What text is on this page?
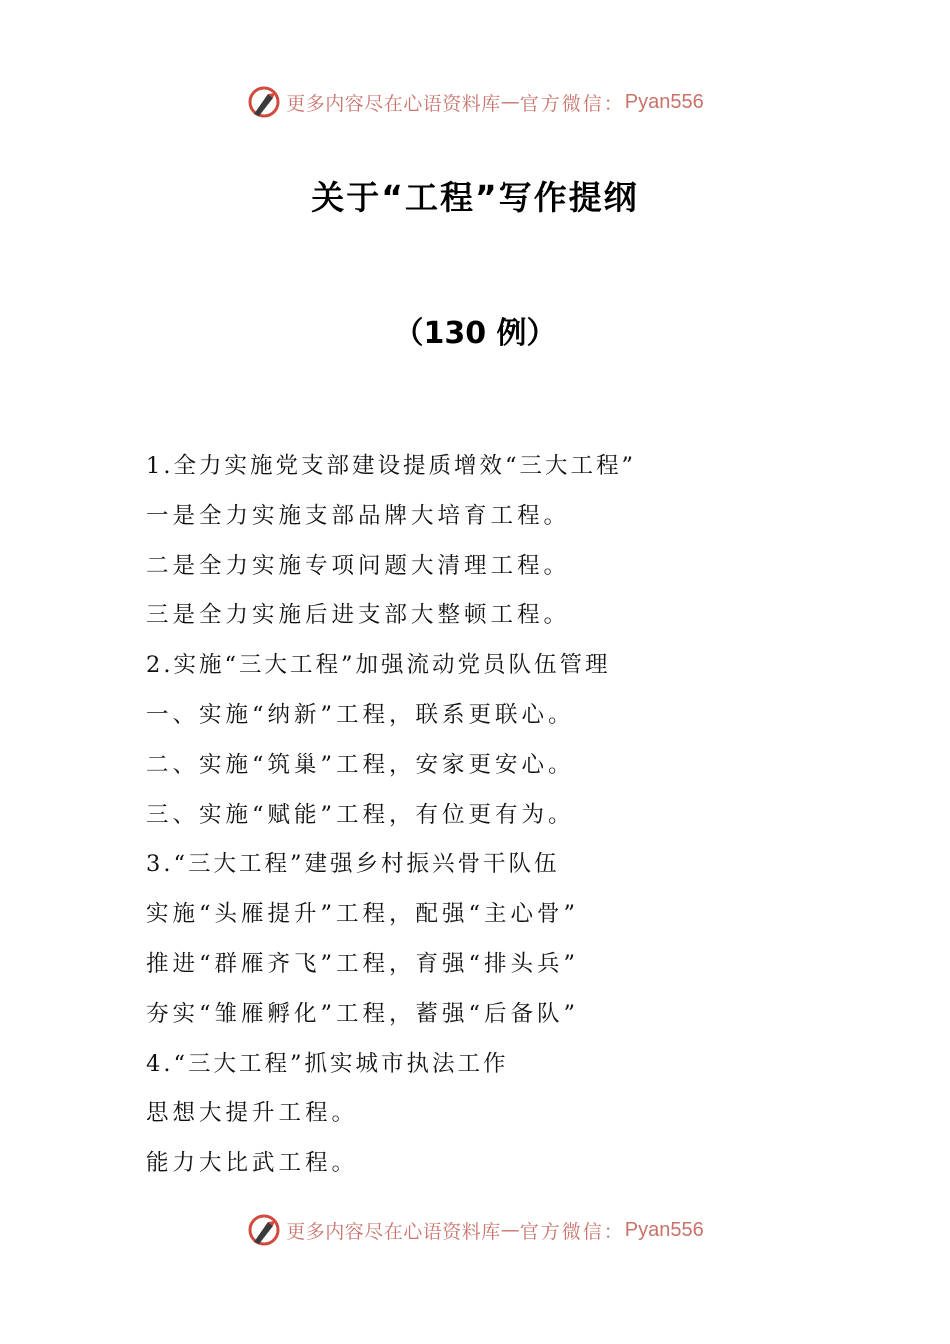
更多内容尽在心语资料库 — 官方微信： Pyan556
关于“工程”写作提纲
（130 例）
1.全力实施党支部建设提质增效“三大工程”
一是全力实施支部品牌大培育工程。
二是全力实施专项问题大清理工程。
三是全力实施后进支部大整顿工程。
2.实施“三大工程”加强流动党员队伍管理
一、实施“纳新”工程，联系更联心。
二、实施“筑巢”工程，安家更安心。
三、实施“赋能”工程，有位更有为。
3.“三大工程”建强乡村振兴骨干队伍
实施“头雁提升”工程，配强“主心骨”
推进“群雁齐飞”工程，育强“排头兵”
夯实“雏雁孵化”工程，蓄强“后备队”
4.“三大工程”抓实城市执法工作
思想大提升工程。
能力大比武工程。
更多内容尽在心语资料库 — 官方微信： Pyan556
